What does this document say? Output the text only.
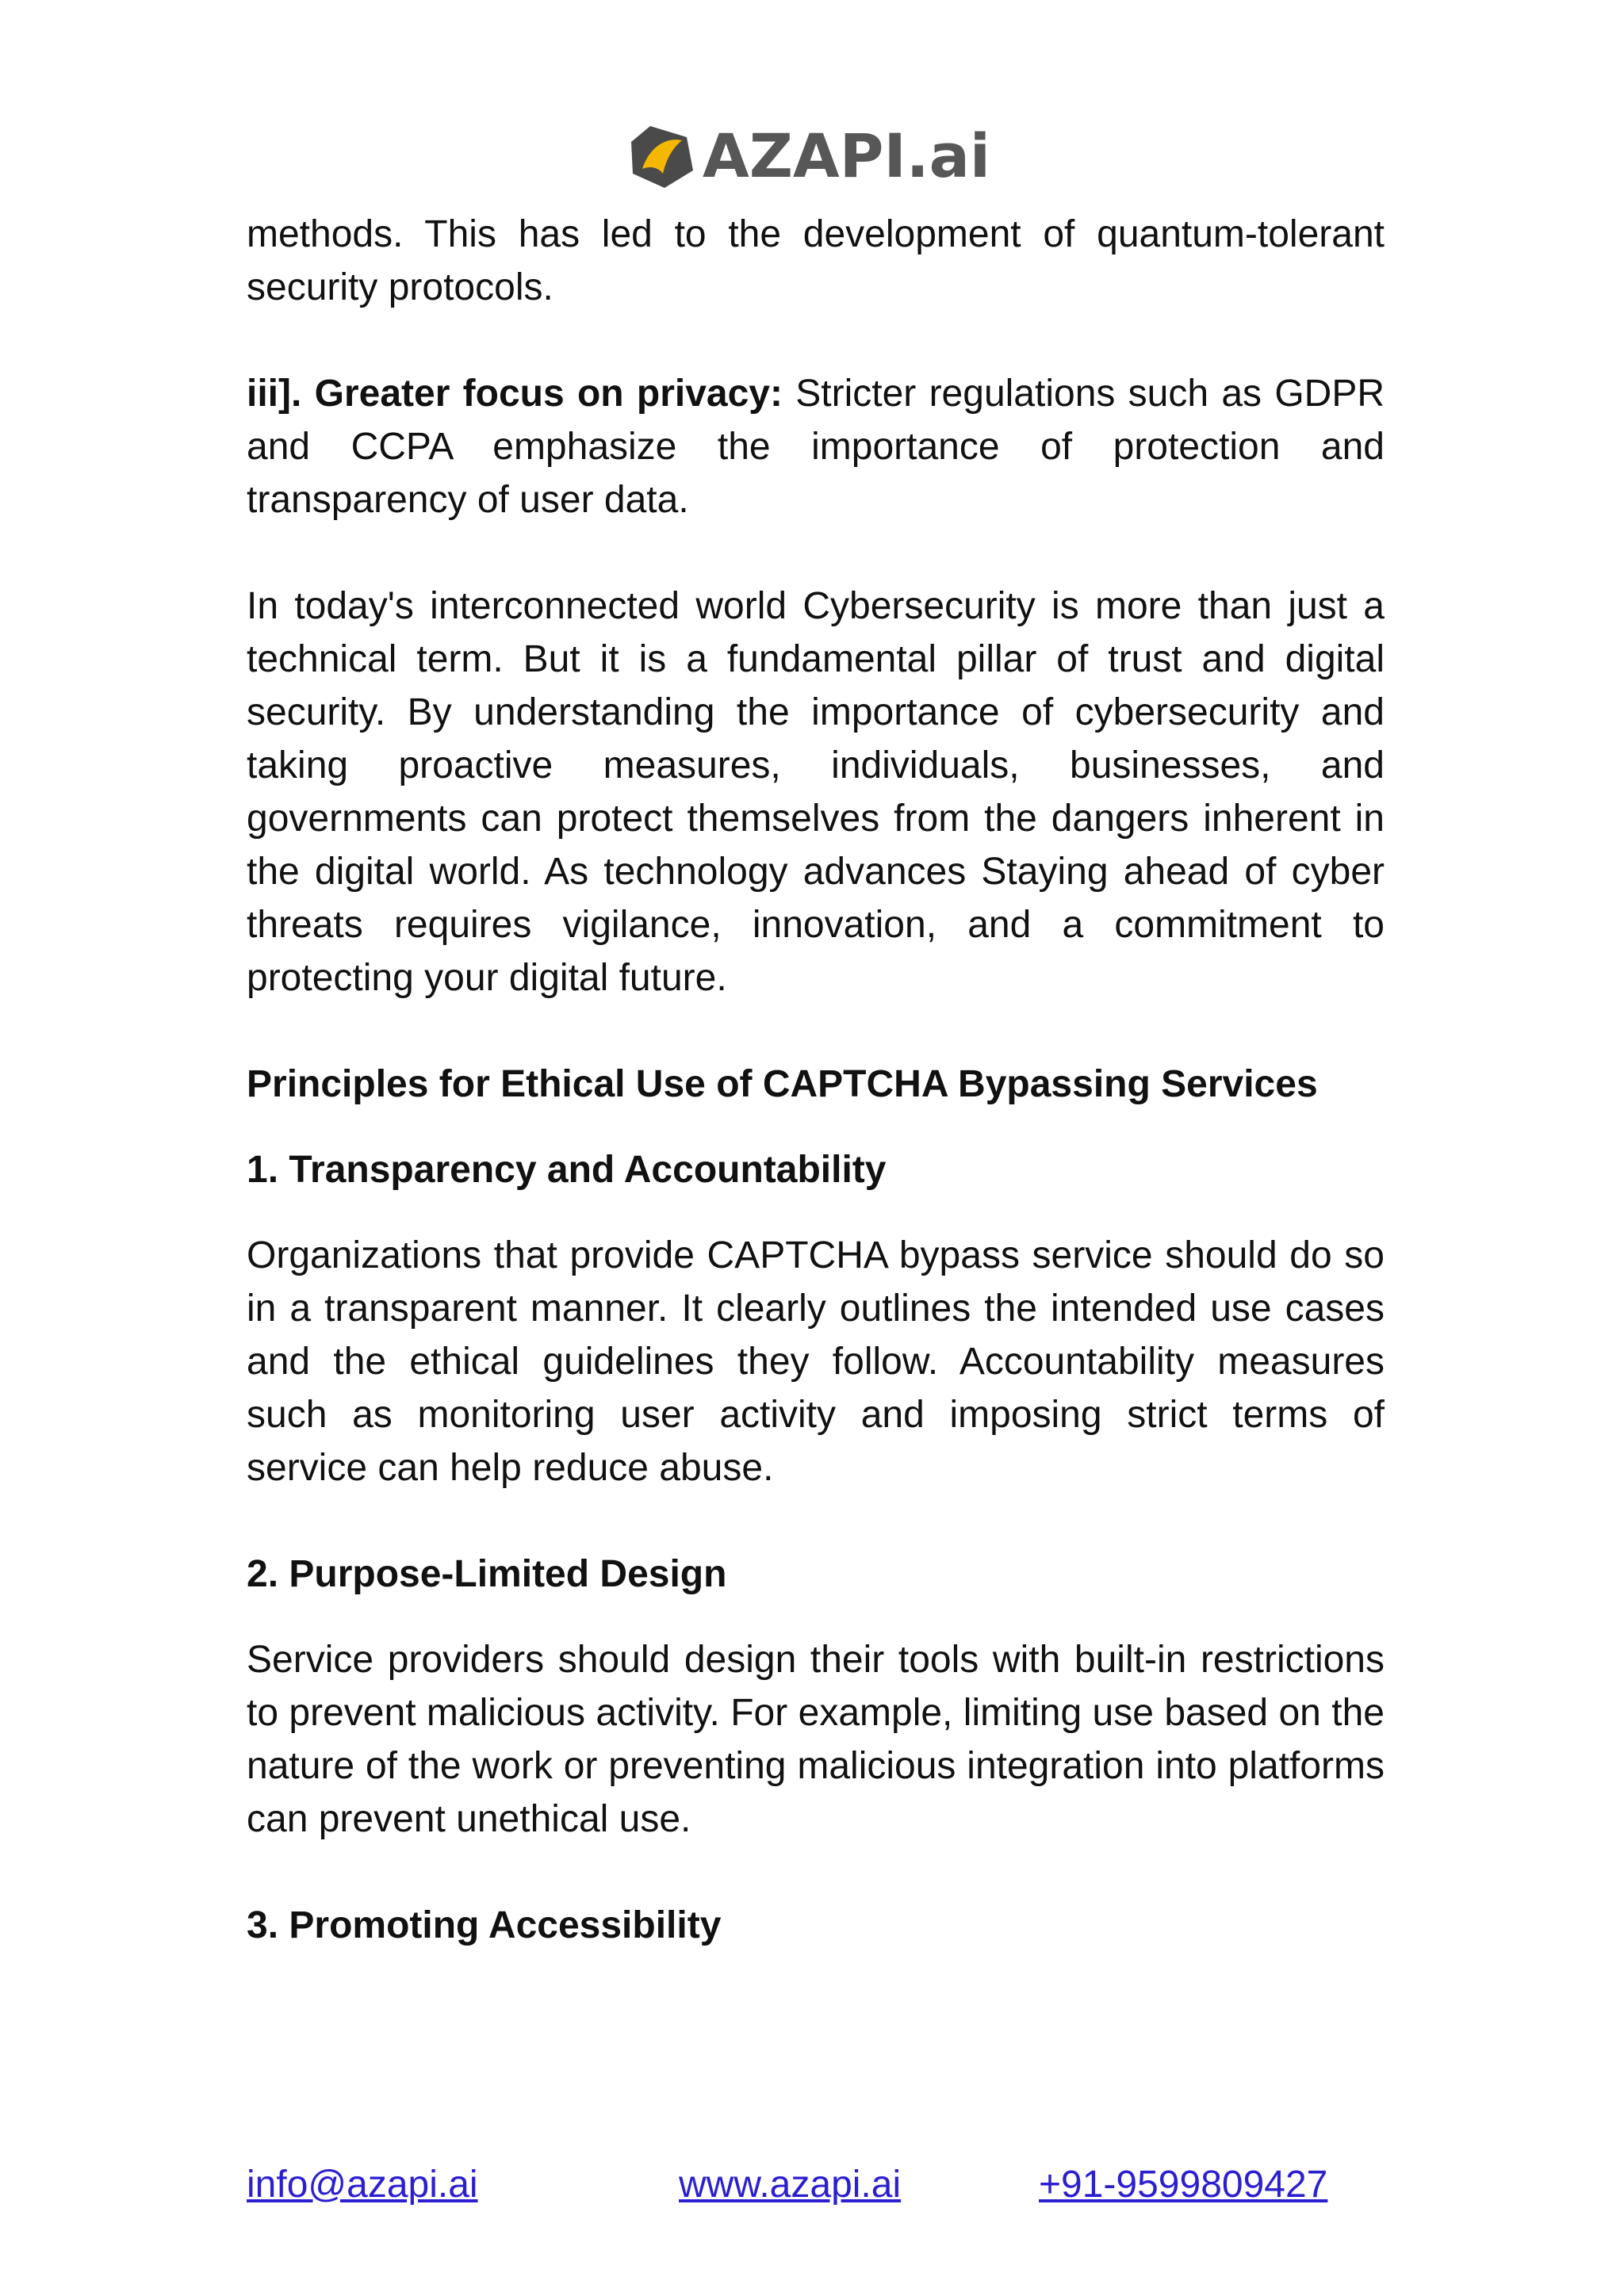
AZAPI.ai

methods. This has led to the development of quantum-tolerant security protocols.

iii]. Greater focus on privacy: Stricter regulations such as GDPR and CCPA emphasize the importance of protection and transparency of user data.

In today's interconnected world Cybersecurity is more than just a technical term. But it is a fundamental pillar of trust and digital security. By understanding the importance of cybersecurity and taking proactive measures, individuals, businesses, and governments can protect themselves from the dangers inherent in the digital world. As technology advances Staying ahead of cyber threats requires vigilance, innovation, and a commitment to protecting your digital future.

Principles for Ethical Use of CAPTCHA Bypassing Services

1. Transparency and Accountability

Organizations that provide CAPTCHA bypass service should do so in a transparent manner. It clearly outlines the intended use cases and the ethical guidelines they follow. Accountability measures such as monitoring user activity and imposing strict terms of service can help reduce abuse.

2. Purpose-Limited Design

Service providers should design their tools with built-in restrictions to prevent malicious activity. For example, limiting use based on the nature of the work or preventing malicious integration into platforms can prevent unethical use.

3. Promoting Accessibility

info@azapi.ai	www.azapi.ai	+91-9599809427
